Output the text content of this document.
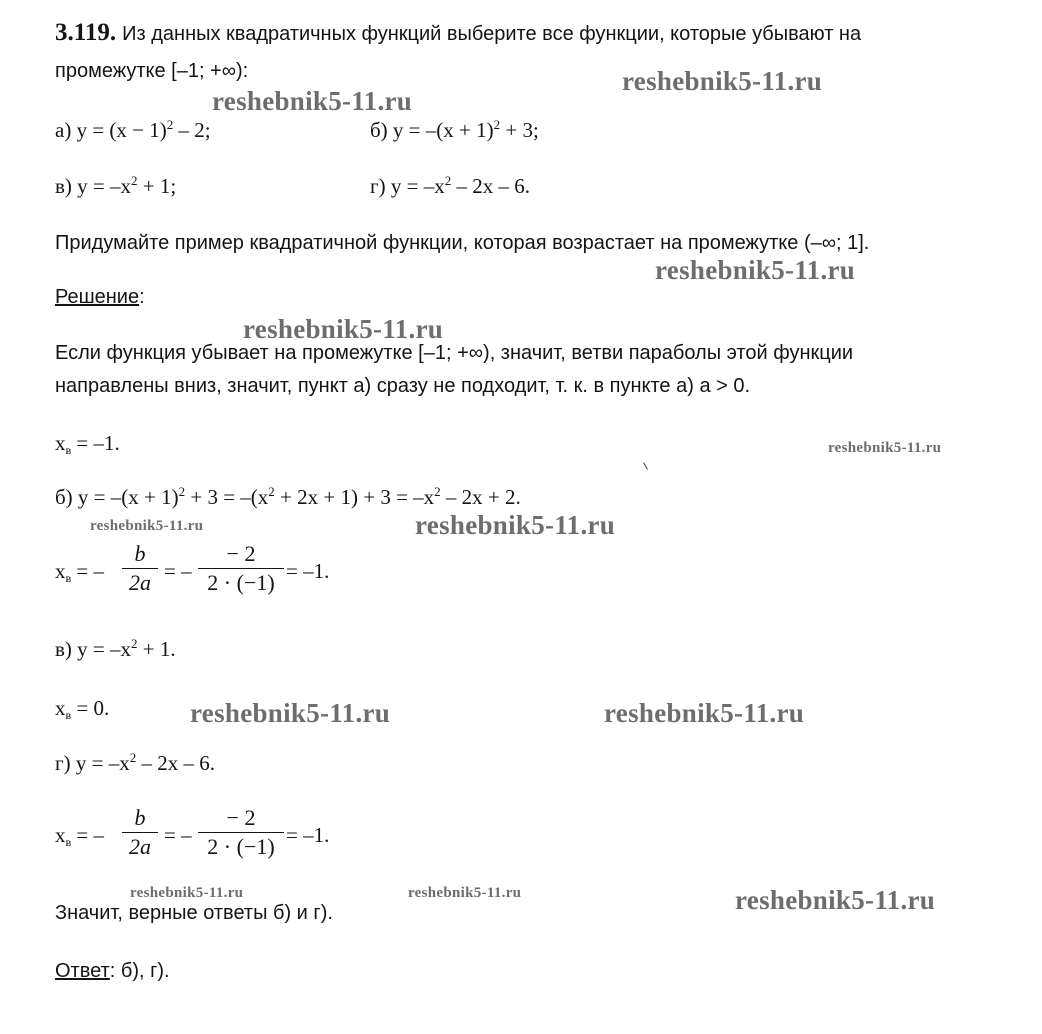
3.119. Из данных квадратичных функций выберите все функции, которые убывают на
промежутке [–1; +∞):
а) $у = (x - 1)^2 - 2$;	б) $у = -(x + 1)^2 + 3$;
в) $у = -x^2 + 1$;	г) $у = -x^2 - 2x - 6$.
Придумайте пример квадратичной функции, которая возрастает на промежутке (–∞; 1].
Решение:
Если функция убывает на промежутке [–1; +∞), значит, ветви параболы этой функции
направлены вниз, значит, пункт а) сразу не подходит, т. к. в пункте а) a > 0.
$x_в = -1$.
б) $у = -(x + 1)^2 + 3 = -(x^2 + 2x + 1) + 3 = -x^2 - 2x + 2$.
$x_в$ = – $\frac{b}{2a}$ = – $\frac{- 2}{2 \cdot (-1)} = -1$.
в) $у = -x^2 + 1$.
$x_в = 0$.
г) $у = -x^2 - 2x - 6$.
$x_в$ = – $\frac{b}{2a}$ = – $\frac{- 2}{2 \cdot (-1)} = -1$.
Значит, верные ответы б) и г).
Ответ: б), г).
reshebnik5-11.ru
reshebnik5-11.ru
reshebnik5-11.ru
reshebnik5-11.ru
reshebnik5-11.ru
reshebnik5-11.ru	reshebnik5-11.ru
reshebnik5-11.ru	reshebnik5-11.ru
reshebnik5-11.ru	reshebnik5-11.ru	reshebnik5-11.ru
